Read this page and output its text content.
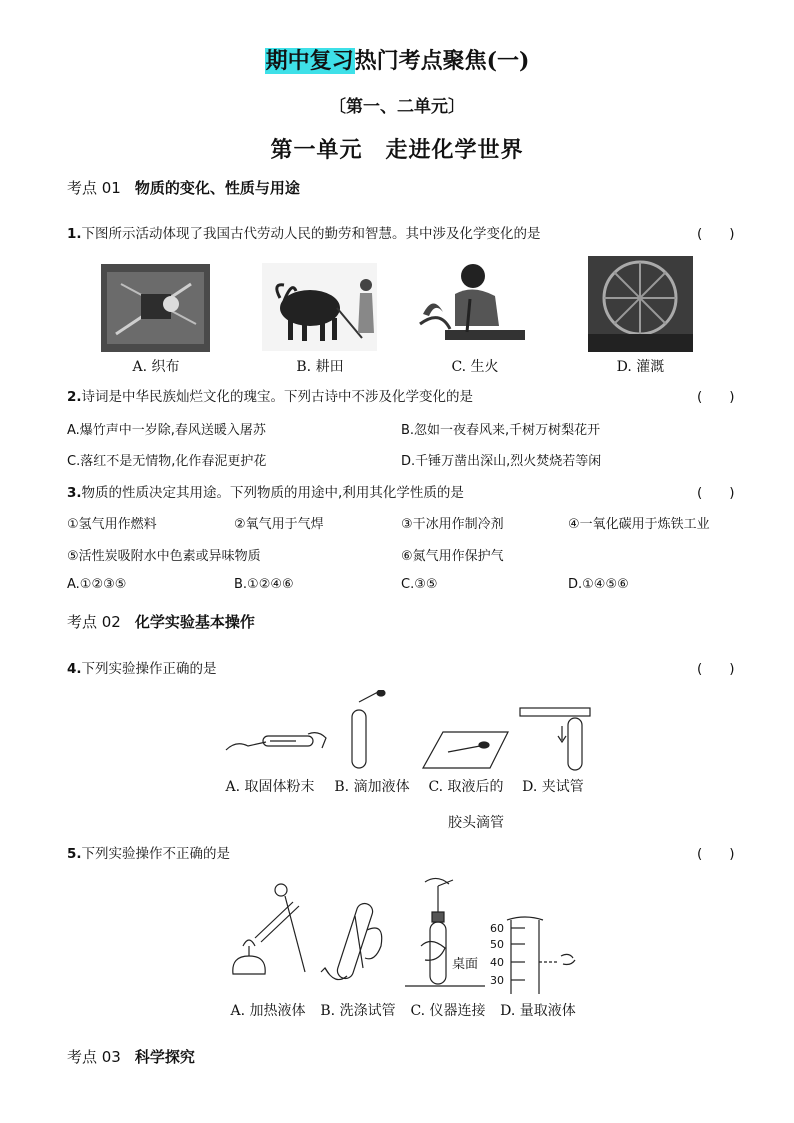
期中复习热门考点聚焦(一)
〔第一、二单元〕
第一单元　走进化学世界
考点 01 物质的变化、性质与用途
1.下图所示活动体现了我国古代劳动人民的勤劳和智慧。其中涉及化学变化的是	(　　)
A. 织布	B. 耕田	C. 生火	D. 灌溉
2.诗词是中华民族灿烂文化的瑰宝。下列古诗中不涉及化学变化的是	(　　)
A.爆竹声中一岁除,春风送暖入屠苏	B.忽如一夜春风来,千树万树梨花开
C.落红不是无情物,化作春泥更护花	D.千锤万凿出深山,烈火焚烧若等闲
3.物质的性质决定其用途。下列物质的用途中,利用其化学性质的是	(　　)
①氢气用作燃料	②氧气用于气焊	③干冰用作制冷剂	④一氧化碳用于炼铁工业
⑤活性炭吸附水中色素或异味物质	⑥氮气用作保护气
A.①②③⑤	B.①②④⑥	C.③⑤	D.①④⑤⑥
考点 02 化学实验基本操作
4.下列实验操作正确的是	(　　)
A. 取固体粉末	B. 滴加液体	C. 取液后的	D. 夹试管
胶头滴管
5.下列实验操作不正确的是	(　　)
桌面
60
50
40
30
A. 加热液体	B. 洗涤试管	C. 仪器连接	D. 量取液体
考点 03 科学探究
